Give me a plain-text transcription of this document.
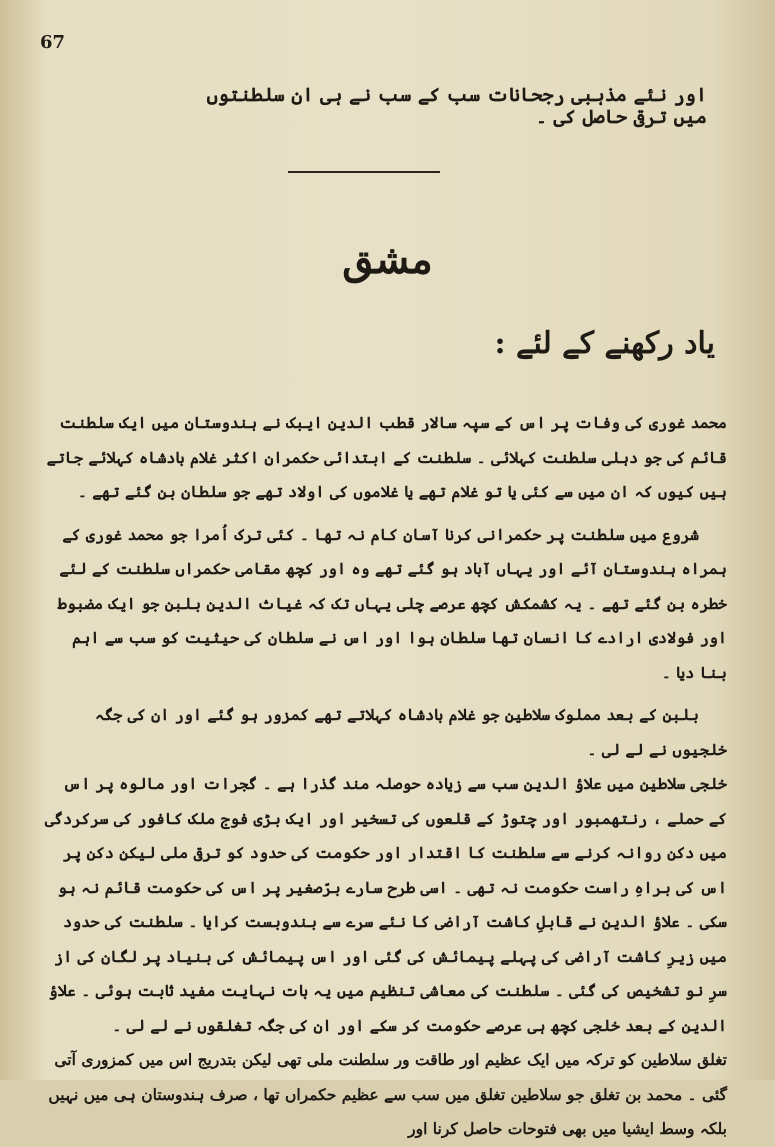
67
اور نئے مذہبی رجحانات سب کے سب نے ہی ان سلطنتوں میں ترقی حاصل کی ۔
مشق
یاد رکھنے کے لئے :

محمد غوری کی وفات پر اس کے سپہ سالار قطب الدین ایبک نے ہندوستان میں ایک سلطنت قائم کی جو دہلی سلطنت کہلائی ۔ سلطنت کے ابتدائی حکمران اکثر غلام بادشاہ کہلائے جاتے ہیں کیوں کہ ان میں سے کئی یا تو غلام تھے یا غلاموں کی اولاد تھے جو سلطان بن گئے تھے ۔

شروع میں سلطنت پر حکمرانی کرنا آسان کام نہ تھا ۔ کئی ترک اُمرا جو محمد غوری کے ہمراہ ہندوستان آئے اور یہاں آباد ہو گئے تھے وہ اور کچھ مقامی حکمراں سلطنت کے لئے خطرہ بن گئے تھے ۔ یہ کشمکش کچھ عرصے چلی یہاں تک کہ غیاث الدین بلبن جو ایک مضبوط اور فولادی ارادے کا انسان تھا سلطان ہوا اور اس نے سلطان کی حیثیت کو سب سے اہم بنا دیا ۔

بلبن کے بعد مملوک سلاطین جو غلام بادشاہ کہلاتے تھے کمزور ہو گئے اور ان کی جگہ خلجیوں نے لے لی ۔

خلجی سلاطین میں علاؤ الدین سب سے زیادہ حوصلہ مند گذرا ہے ۔ گجرات اور مالوہ پر اس کے حملے ، رنتھمبور اور چتوڑ کے قلعوں کی تسخیر اور ایک بڑی فوج ملک کافور کی سرکردگی میں دکن روانہ کرنے سے سلطنت کا اقتدار اور حکومت کی حدود کو ترقی ملی لیکن دکن پر اس کی براہِ راست حکومت نہ تھی ۔ اسی طرح سارے برّصغیر پر اس کی حکومت قائم نہ ہو سکی ۔ علاؤ الدین نے قابلِ کاشت آراضی کا نئے سرے سے بندوبست کرایا ۔ سلطنت کی حدود میں زیرِ کاشت آراضی کی پہلے پیمائش کی گئی اور اس پیمائش کی بنیاد پر لگان کی از سرِ نو تشخیص کی گئی ۔ سلطنت کی معاشی تنظیم میں یہ بات نہایت مفید ثابت ہوئی ۔ علاؤ الدین کے بعد خلجی کچھ ہی عرصے حکومت کر سکے اور ان کی جگہ تغلقوں نے لے لی ۔

تغلق سلاطین کو ترکہ میں ایک عظیم اور طاقت ور سلطنت ملی تھی لیکن بتدریج اس میں کمزوری آتی گئی ۔ محمد بن تغلق جو سلاطین تغلق میں سب سے عظیم حکمراں تھا ، صرف ہندوستان ہی میں نہیں بلکہ وسط ایشیا میں بھی فتوحات حاصل کرنا اور
